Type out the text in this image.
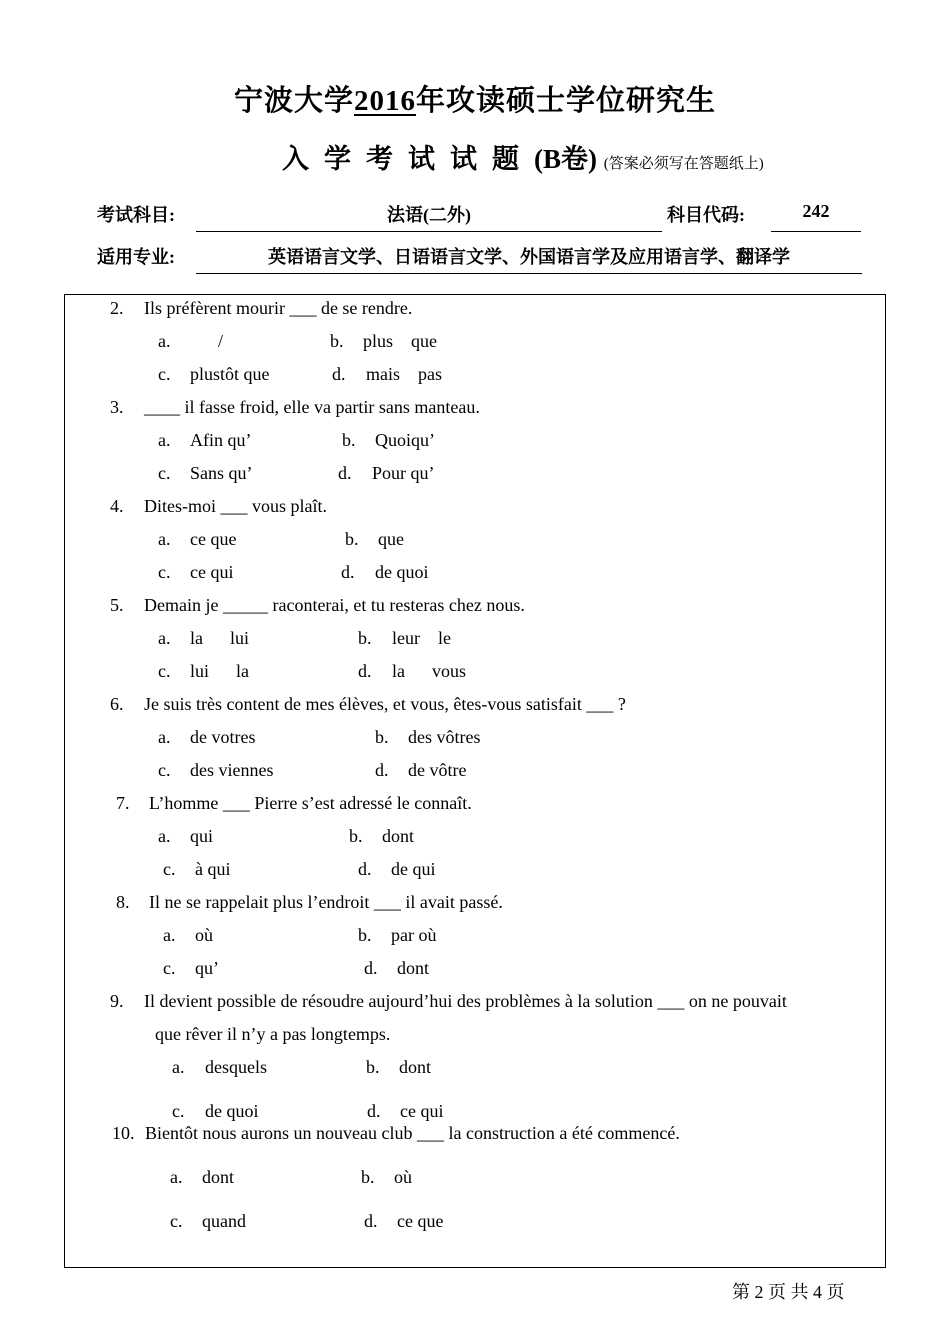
宁波大学2016年攻读硕士学位研究生
入学考试试题(B卷) (答案必须写在答题纸上)
考试科目:	法语(二外)	科目代码:	242
适用专业:	英语语言文学、日语语言文学、外国语言学及应用语言学、翻译学
2. Ils préfèrent mourir ___ de se rendre.
a.	/	b. plus    que
c. plustôt que	d. mais    pas
3. ____ il fasse froid, elle va partir sans manteau.
a. Afin qu’	b. Quoiqu’
c. Sans qu’	d. Pour qu’
4. Dites-moi ___ vous plaît.
a. ce que	b. que
c. ce qui	d. de quoi
5. Demain je _____ raconterai, et tu resteras chez nous.
a. la      lui	b. leur    le
c. lui      la	d. la      vous
6. Je suis très content de mes élèves, et vous, êtes-vous satisfait ___ ?
a. de votres	b. des vôtres
c. des viennes	d. de vôtre
7. L’homme ___ Pierre s’est adressé le connaît.
a. qui	b. dont
c. à qui	d. de qui
8. Il ne se rappelait plus l’endroit ___ il avait passé.
a. où	b. par où
c. qu’	d. dont
9. Il devient possible de résoudre aujourd’hui des problèmes à la solution ___ on ne pouvait
que rêver il n’y a pas longtemps.
a. desquels	b. dont
c. de quoi	d. ce qui
10. Bientôt nous aurons un nouveau club ___ la construction a été commencé.
a. dont	b. où
c. quand	d. ce que
第 2 页 共 4 页
